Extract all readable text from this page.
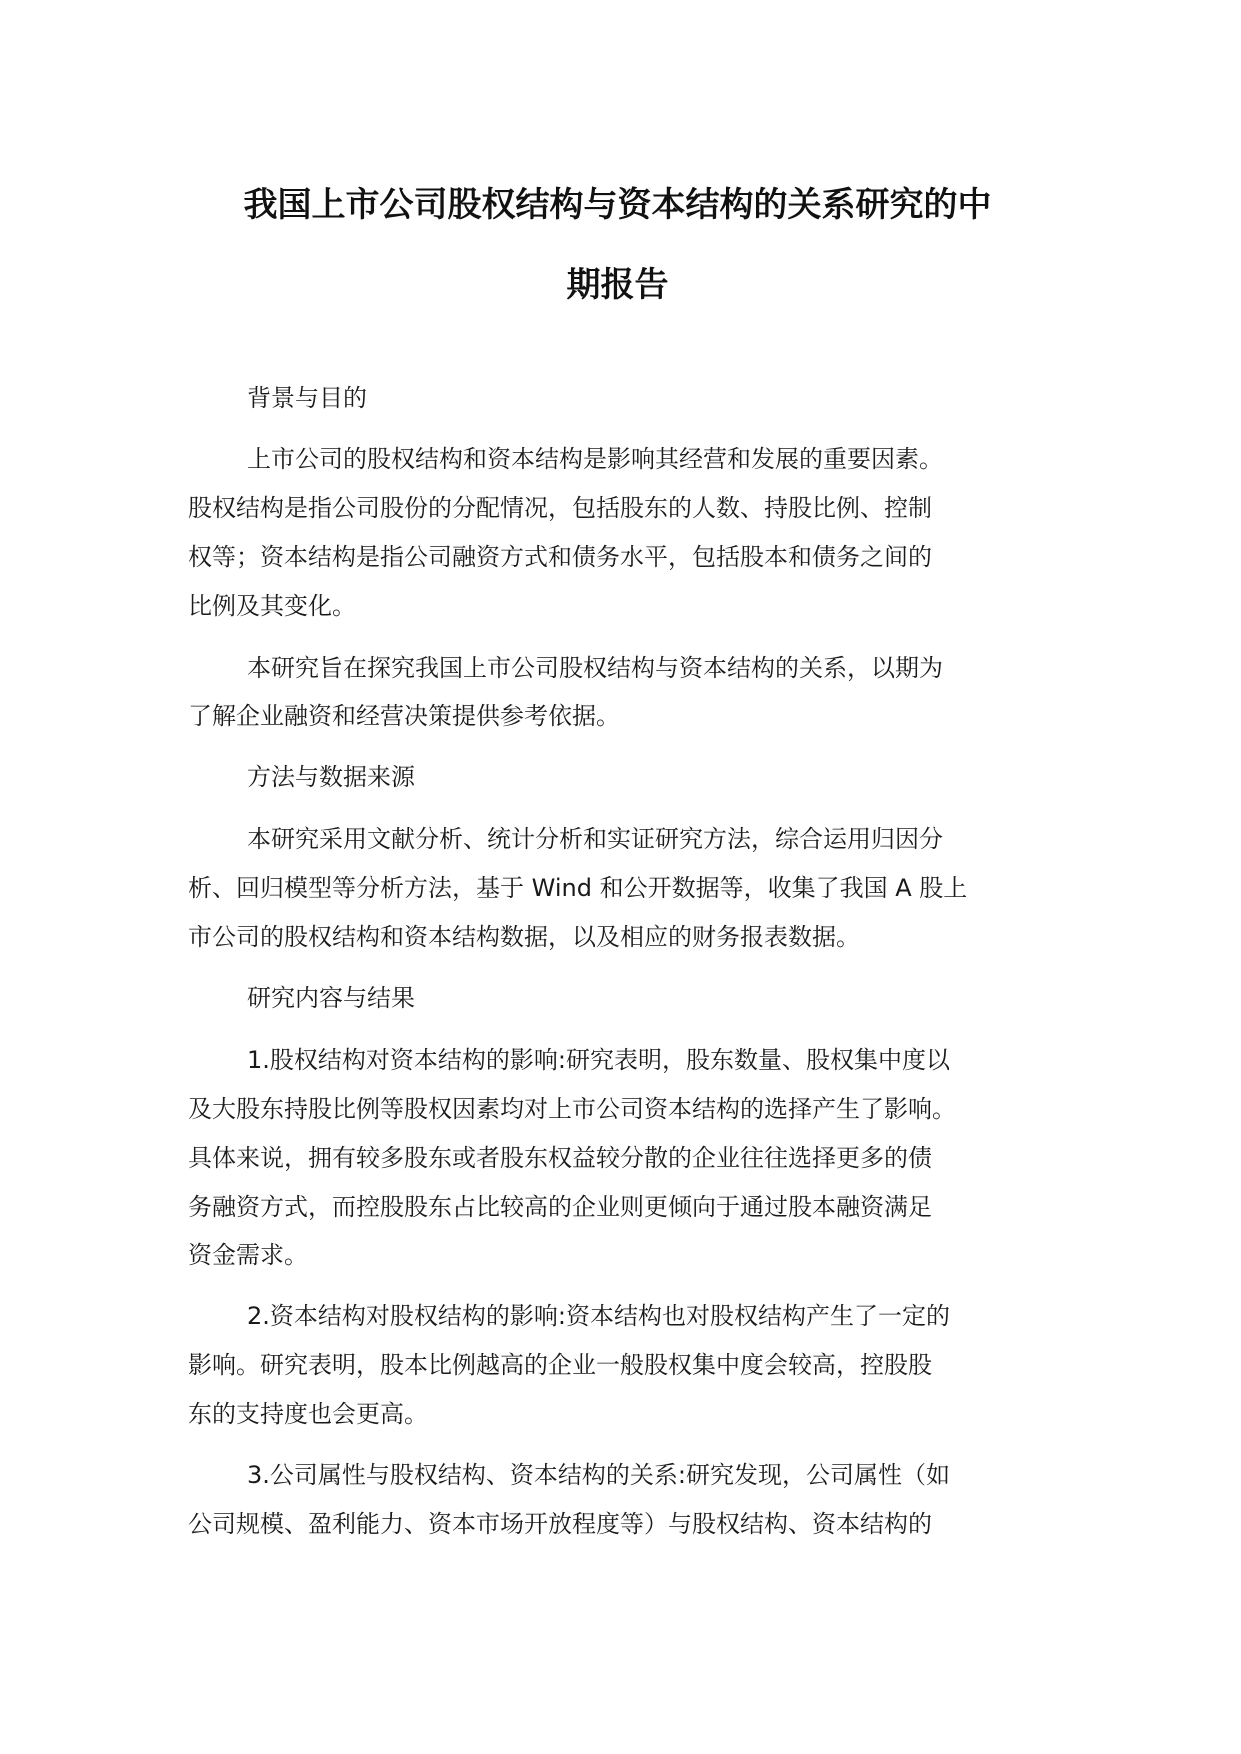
我国上市公司股权结构与资本结构的关系研究的中
期报告

背景与目的

上市公司的股权结构和资本结构是影响其经营和发展的重要因素。

股权结构是指公司股份的分配情况，包括股东的人数、持股比例、控制

权等；资本结构是指公司融资方式和债务水平，包括股本和债务之间的

比例及其变化。

本研究旨在探究我国上市公司股权结构与资本结构的关系，以期为

了解企业融资和经营决策提供参考依据。

方法与数据来源

本研究采用文献分析、统计分析和实证研究方法，综合运用归因分

析、回归模型等分析方法，基于 Wind 和公开数据等，收集了我国 A 股上

市公司的股权结构和资本结构数据，以及相应的财务报表数据。

研究内容与结果

1.股权结构对资本结构的影响:研究表明，股东数量、股权集中度以

及大股东持股比例等股权因素均对上市公司资本结构的选择产生了影响。

具体来说，拥有较多股东或者股东权益较分散的企业往往选择更多的债

务融资方式，而控股股东占比较高的企业则更倾向于通过股本融资满足

资金需求。

2.资本结构对股权结构的影响:资本结构也对股权结构产生了一定的

影响。研究表明，股本比例越高的企业一般股权集中度会较高，控股股

东的支持度也会更高。

3.公司属性与股权结构、资本结构的关系:研究发现，公司属性（如

公司规模、盈利能力、资本市场开放程度等）与股权结构、资本结构的
